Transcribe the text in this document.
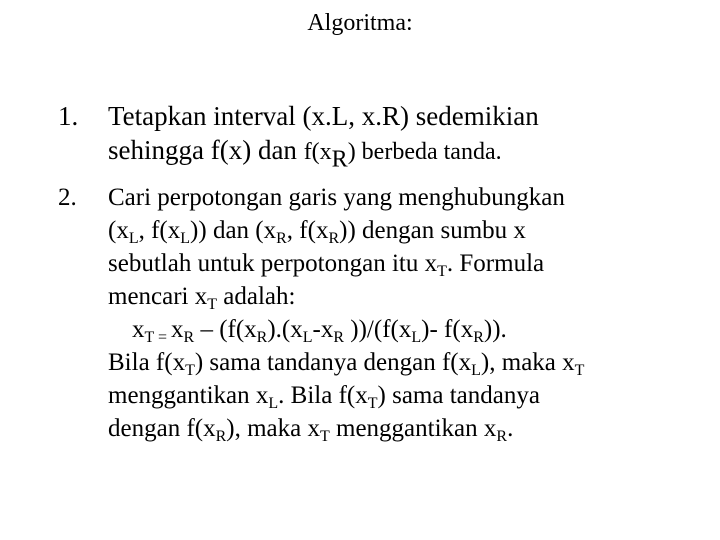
Algoritma:
1. Tetapkan interval (x.L, x.R) sedemikian
sehingga f(x) dan $f(x_R)$ berbeda tanda.
2. Cari perpotongan garis yang menghubungkan
($x_L$, $f(x_L)$) dan ($x_R$, $f(x_R)$) dengan sumbu x
sebutlah untuk perpotongan itu $x_T$. Formula
mencari $x_T$ adalah:
$x_{T =}$ $x_R - (f(x_R).(x_L-x_R$ ))$/(f(x_L)-$ $f(x_R)$).
Bila $f(x_T)$ sama tandanya dengan $f(x_L)$, maka $x_T$
menggantikan $x_L$. Bila $f(x_T)$ sama tandanya
dengan $f(x_R)$, maka $x_T$ menggantikan $x_R$.
